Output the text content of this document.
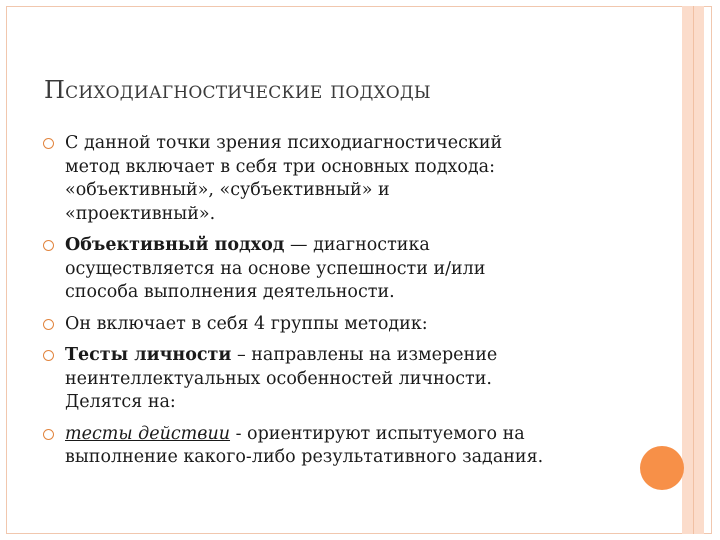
Психодиагностические подходы
С данной точки зрения психодиагностический
метод включает в себя три основных подхода:
«объективный», «субъективный» и
«проективный».
Объективный подход — диагностика
осуществляется на основе успешности и/или
способа выполнения деятельности.
Он включает в себя 4 группы методик:
Тесты личности – направлены на измерение
неинтеллектуальных особенностей личности.
Делятся на:
тесты действии - ориентируют испытуемого на
выполнение какого-либо результативного задания.
